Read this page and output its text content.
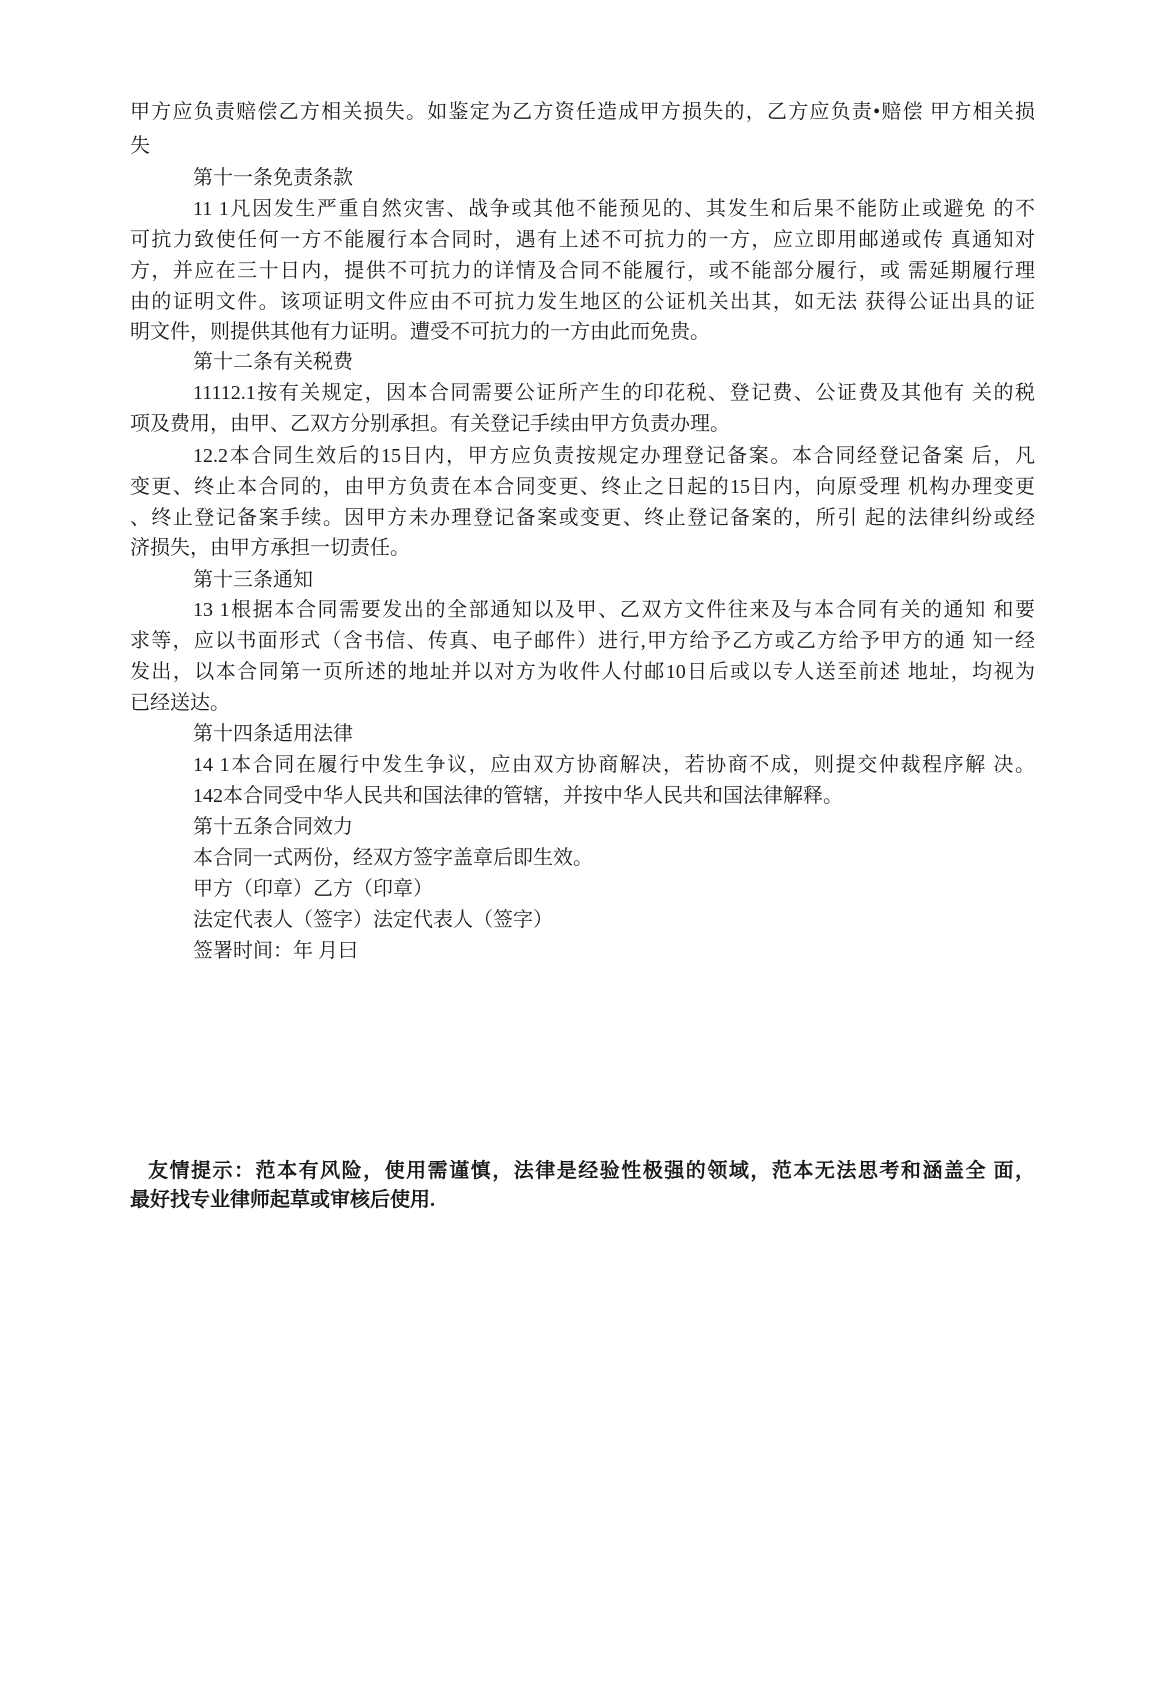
甲方应负责赔偿乙方相关损失。如鉴定为乙方资任造成甲方损失的，乙方应负责•赔偿 甲方相关损
失
第十一条免责条款
11 1凡因发生严重自然灾害、战争或其他不能预见的、其发生和后果不能防止或避免 的不
可抗力致使任何一方不能履行本合同时，遇有上述不可抗力的一方，应立即用邮递或传 真通知对
方，并应在三十日内，提供不可抗力的详情及合同不能履行，或不能部分履行，或 需延期履行理
由的证明文件。该项证明文件应由不可抗力发生地区的公证机关出其，如无法 获得公证出具的证
明文件，则提供其他有力证明。遭受不可抗力的一方由此而免贵。
第十二条有关税费
11112.1按有关规定，因本合同需要公证所产生的印花税、登记费、公证费及其他有 关的税
项及费用，由甲、乙双方分别承担。有关登记手续由甲方负责办理。
12.2本合同生效后的15日内，甲方应负责按规定办理登记备案。本合同经登记备案 后，凡
变更、终止本合同的，由甲方负责在本合同变更、终止之日起的15日内，向原受理 机构办理变更
、终止登记备案手续。因甲方未办理登记备案或变更、终止登记备案的，所引 起的法律纠纷或经
济损失，由甲方承担一切责任。
第十三条通知
13 1根据本合同需要发出的全部通知以及甲、乙双方文件往来及与本合同有关的通知 和要
求等，应以书面形式（含书信、传真、电子邮件）进行,甲方给予乙方或乙方给予甲方的通 知一经
发出，以本合同第一页所述的地址并以对方为收件人付邮10日后或以专人送至前述 地址，均视为
已经送达。
第十四条适用法律
14 1本合同在履行中发生争议，应由双方协商解决，若协商不成，则提交仲裁程序解 决。
142本合同受中华人民共和国法律的管辖，并按中华人民共和国法律解释。
第十五条合同效力
本合同一式两份，经双方签字盖章后即生效。
甲方（印章）乙方（印章）
法定代表人（签字）法定代表人（签字）
签署时间：年 月曰
友情提示：范本有风险，使用需谨慎，法律是经验性极强的领域，范本无法思考和涵盖全 面，
最好找专业律师起草或审核后使用.
